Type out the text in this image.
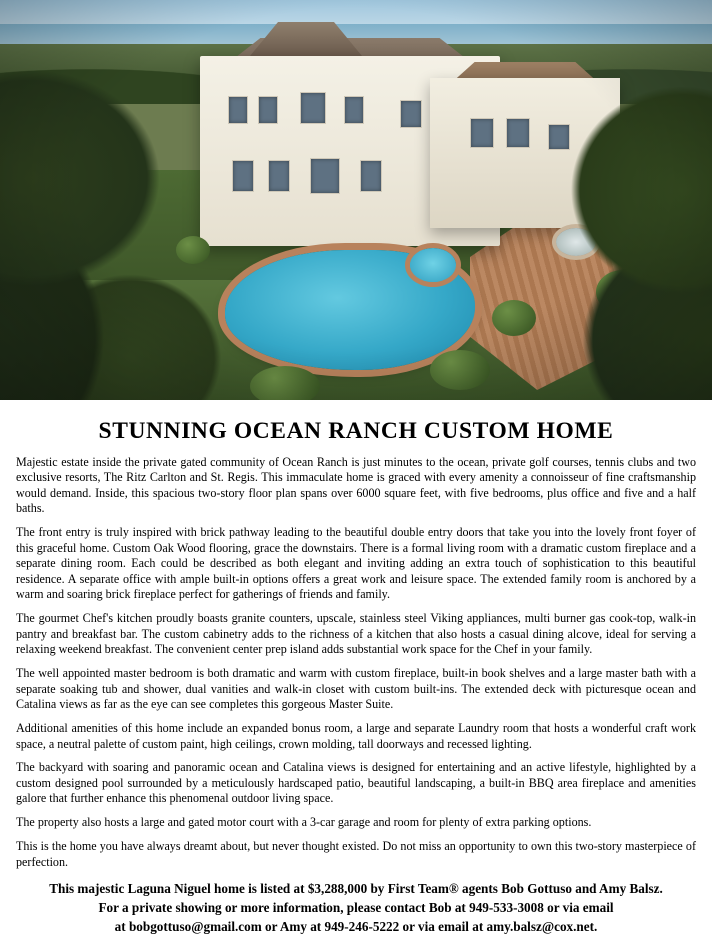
STUNNING OCEAN RANCH CUSTOM HOME

Majestic estate inside the private gated community of Ocean Ranch is just minutes to the ocean, private golf courses, tennis clubs and two exclusive resorts, The Ritz Carlton and St. Regis. This immaculate home is graced with every amenity a connoisseur of fine craftsmanship would demand. Inside, this spacious two-story floor plan spans over 6000 square feet, with five bedrooms, plus office and five and a half baths.

The front entry is truly inspired with brick pathway leading to the beautiful double entry doors that take you into the lovely front foyer of this graceful home. Custom Oak Wood flooring, grace the downstairs. There is a formal living room with a dramatic custom fireplace and a separate dining room. Each could be described as both elegant and inviting adding an extra touch of sophistication to this beautiful residence. A separate office with ample built-in options offers a great work and leisure space. The extended family room is anchored by a warm and soaring brick fireplace perfect for gatherings of friends and family.

The gourmet Chef's kitchen proudly boasts granite counters, upscale, stainless steel Viking appliances, multi burner gas cook-top, walk-in pantry and breakfast bar. The custom cabinetry adds to the richness of a kitchen that also hosts a casual dining alcove, ideal for serving a relaxing weekend breakfast. The convenient center prep island adds substantial work space for the Chef in your family.

The well appointed master bedroom is both dramatic and warm with custom fireplace, built-in book shelves and a large master bath with a separate soaking tub and shower, dual vanities and walk-in closet with custom built-ins. The extended deck with picturesque ocean and Catalina views as far as the eye can see completes this gorgeous Master Suite.

Additional amenities of this home include an expanded bonus room, a large and separate Laundry room that hosts a wonderful craft work space, a neutral palette of custom paint, high ceilings, crown molding, tall doorways and recessed lighting.

The backyard with soaring and panoramic ocean and Catalina views is designed for entertaining and an active lifestyle, highlighted by a custom designed pool surrounded by a meticulously hardscaped patio, beautiful landscaping, a built-in BBQ area fireplace and amenities galore that further enhance this phenomenal outdoor living space.

The property also hosts a large and gated motor court with a 3-car garage and room for plenty of extra parking options.

This is the home you have always dreamt about, but never thought existed. Do not miss an opportunity to own this two-story masterpiece of perfection.

This majestic Laguna Niguel home is listed at $3,288,000 by First Team® agents Bob Gottuso and Amy Balsz.
For a private showing or more information, please contact Bob at 949-533-3008 or via email
at bobgottuso@gmail.com or Amy at 949-246-5222 or via email at amy.balsz@cox.net.
